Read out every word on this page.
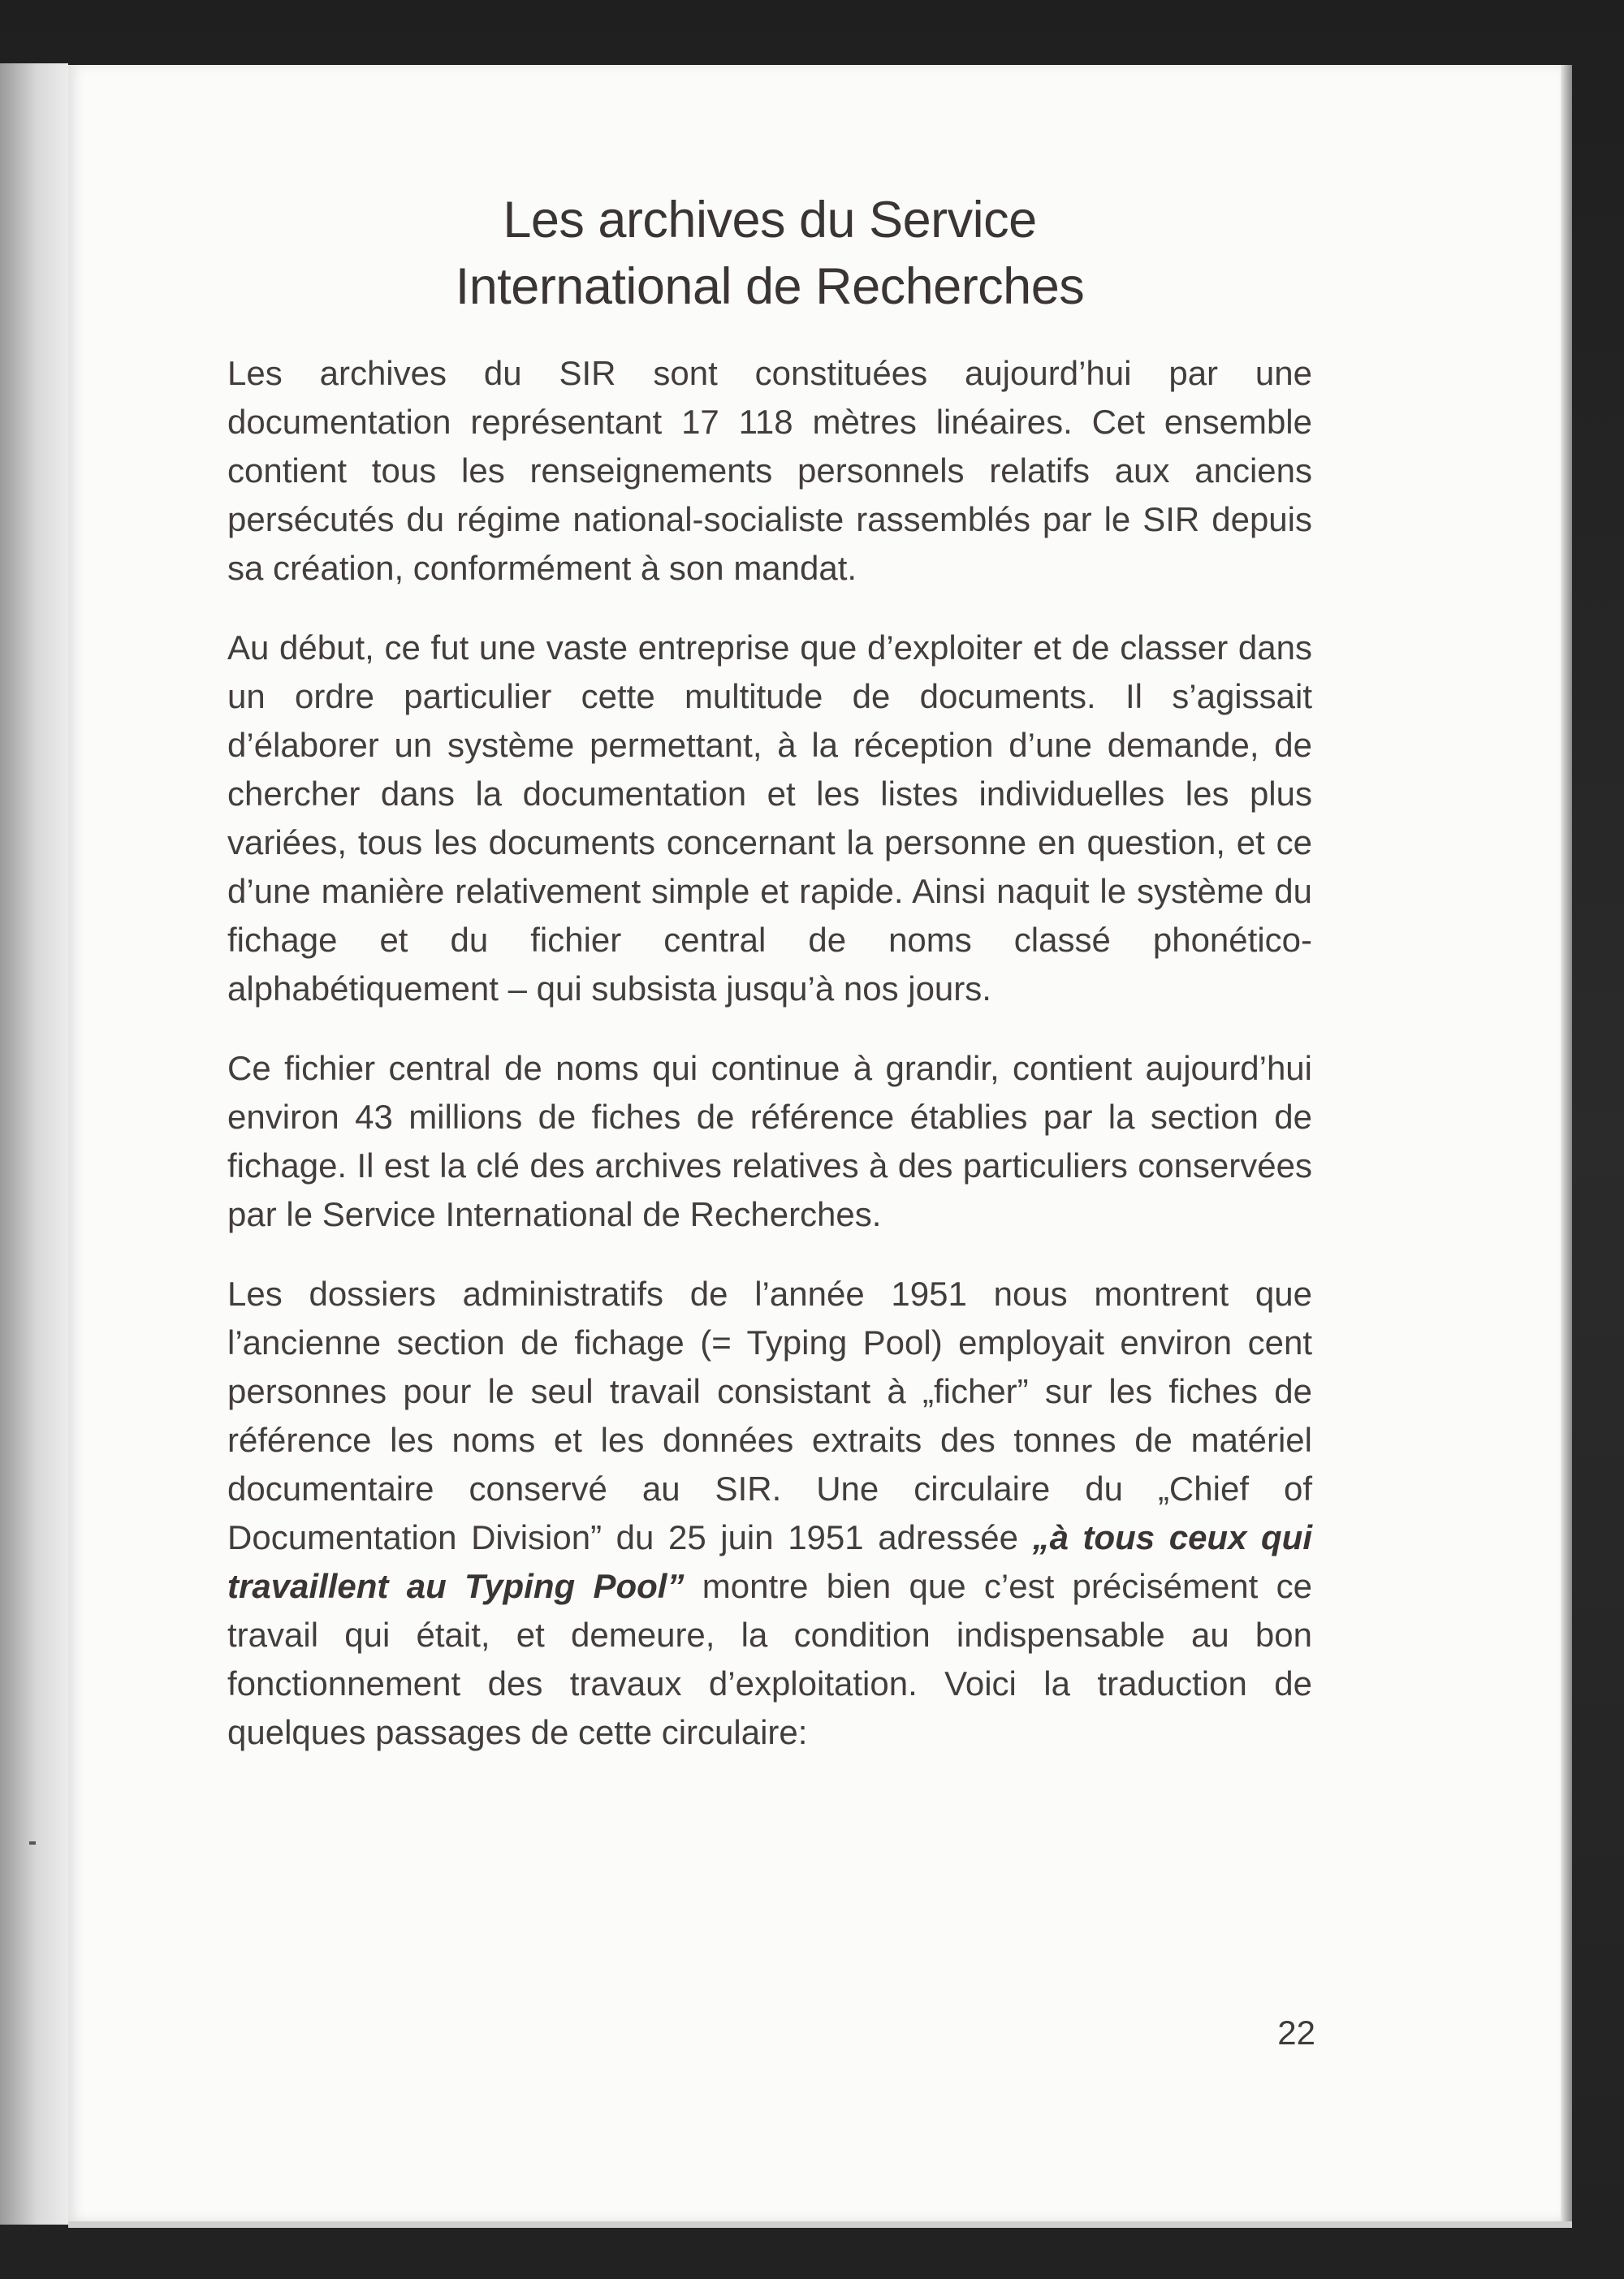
Les archives du Service
International de Recherches

Les archives du SIR sont constituées aujourd’hui par une documentation représentant 17 118 mètres linéaires. Cet ensemble contient tous les renseignements personnels relatifs aux anciens persécutés du régime national-socialiste rassemblés par le SIR depuis sa création, conformément à son mandat.

Au début, ce fut une vaste entreprise que d’exploiter et de classer dans un ordre particulier cette multitude de documents. Il s’agissait d’élaborer un système permettant, à la réception d’une demande, de chercher dans la documentation et les listes individuelles les plus variées, tous les documents concernant la personne en question, et ce d’une manière relativement simple et rapide. Ainsi naquit le système du fichage et du fichier central de noms classé phonético-alphabétiquement – qui subsista jusqu’à nos jours.

Ce fichier central de noms qui continue à grandir, contient aujourd’hui environ 43 millions de fiches de référence établies par la section de fichage. Il est la clé des archives relatives à des particuliers conservées par le Service International de Recherches.

Les dossiers administratifs de l’année 1951 nous montrent que l’ancienne section de fichage (= Typing Pool) employait environ cent personnes pour le seul travail consistant à „ficher” sur les fiches de référence les noms et les données extraits des tonnes de matériel documentaire conservé au SIR. Une circulaire du „Chief of Documentation Division” du 25 juin 1951 adressée „à tous ceux qui travaillent au Typing Pool” montre bien que c’est précisément ce travail qui était, et demeure, la condition indispensable au bon fonctionnement des travaux d’exploitation. Voici la traduction de quelques passages de cette circulaire:

22
